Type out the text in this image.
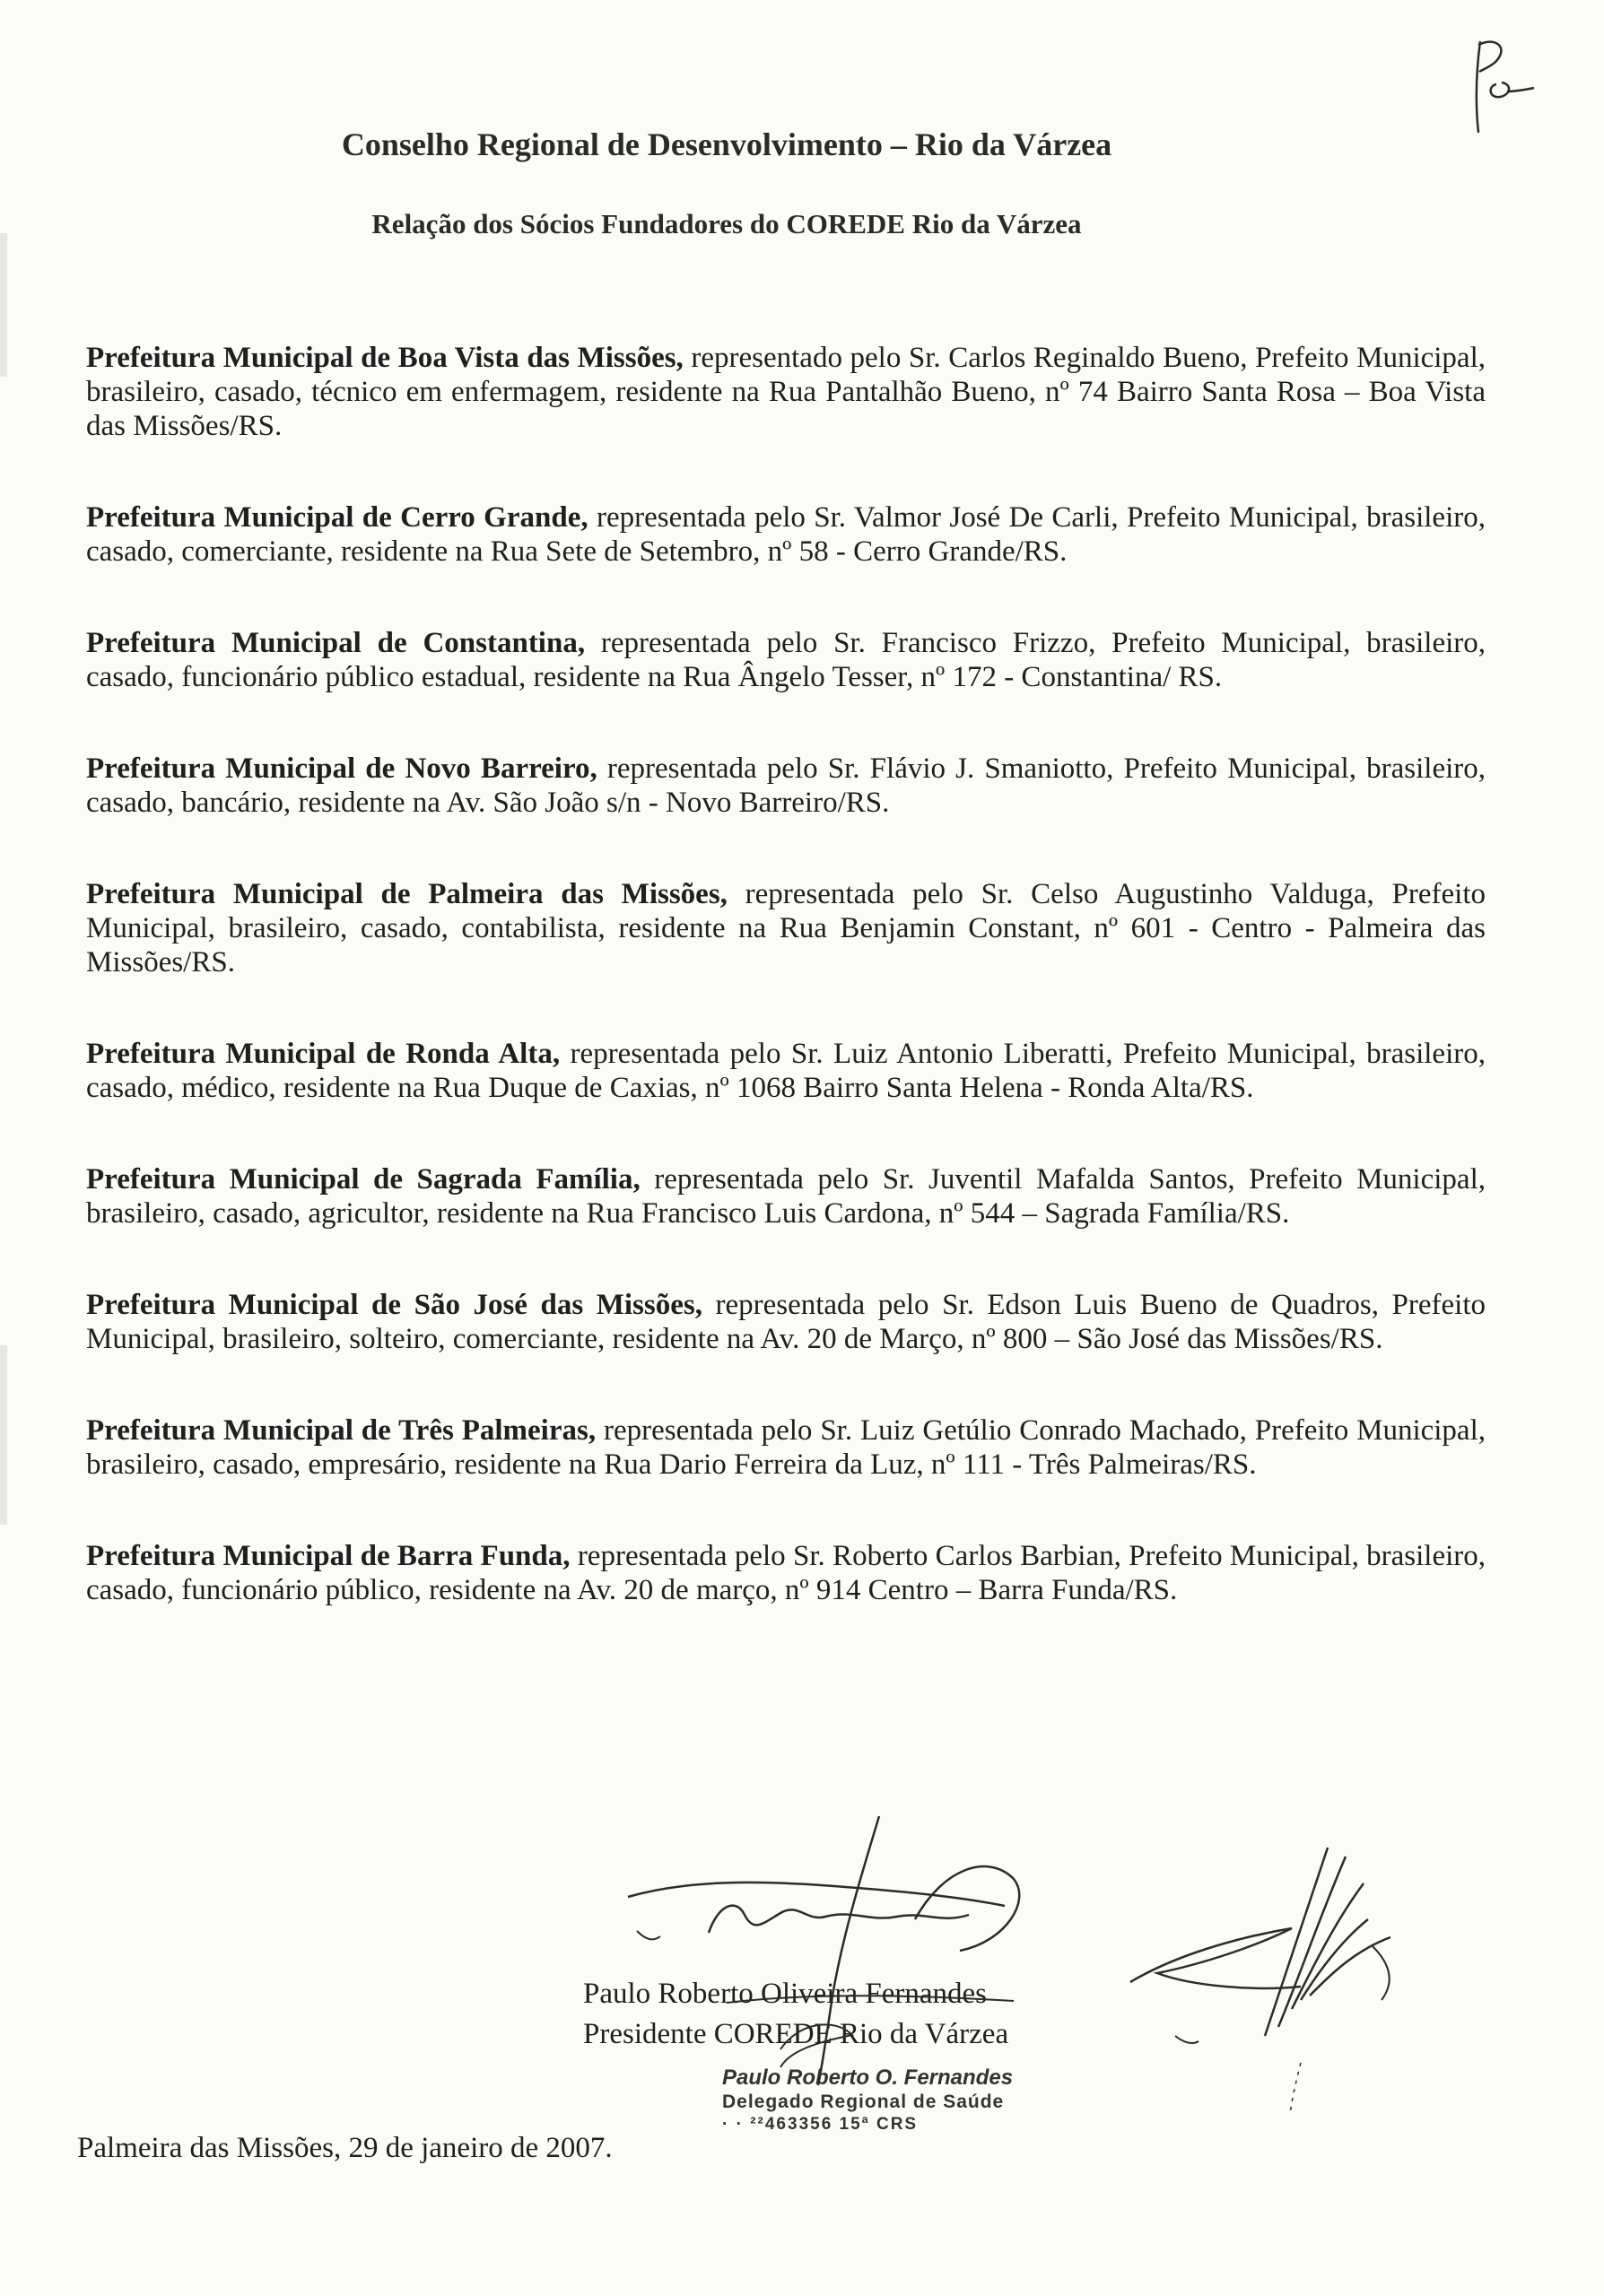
Conselho Regional de Desenvolvimento – Rio da Várzea
Relação dos Sócios Fundadores do COREDE Rio da Várzea

Prefeitura Municipal de Boa Vista das Missões, representado pelo Sr. Carlos Reginaldo Bueno, Prefeito Municipal, brasileiro, casado, técnico em enfermagem, residente na Rua Pantalhão Bueno, nº 74 Bairro Santa Rosa – Boa Vista das Missões/RS.

Prefeitura Municipal de Cerro Grande, representada pelo Sr. Valmor José De Carli, Prefeito Municipal, brasileiro, casado, comerciante, residente na Rua Sete de Setembro, nº 58 - Cerro Grande/RS.

Prefeitura Municipal de Constantina, representada pelo Sr. Francisco Frizzo, Prefeito Municipal, brasileiro, casado, funcionário público estadual, residente na Rua Ângelo Tesser, nº 172 - Constantina/ RS.

Prefeitura Municipal de Novo Barreiro, representada pelo Sr. Flávio J. Smaniotto, Prefeito Municipal, brasileiro, casado, bancário, residente na Av. São João s/n - Novo Barreiro/RS.

Prefeitura Municipal de Palmeira das Missões, representada pelo Sr. Celso Augustinho Valduga, Prefeito Municipal, brasileiro, casado, contabilista, residente na Rua Benjamin Constant, nº 601 - Centro - Palmeira das Missões/RS.

Prefeitura Municipal de Ronda Alta, representada pelo Sr. Luiz Antonio Liberatti, Prefeito Municipal, brasileiro, casado, médico, residente na Rua Duque de Caxias, nº 1068 Bairro Santa Helena - Ronda Alta/RS.

Prefeitura Municipal de Sagrada Família, representada pelo Sr. Juventil Mafalda Santos, Prefeito Municipal, brasileiro, casado, agricultor, residente na Rua Francisco Luis Cardona, nº 544 – Sagrada Família/RS.

Prefeitura Municipal de São José das Missões, representada pelo Sr. Edson Luis Bueno de Quadros, Prefeito Municipal, brasileiro, solteiro, comerciante, residente na Av. 20 de Março, nº 800 – São José das Missões/RS.

Prefeitura Municipal de Três Palmeiras, representada pelo Sr. Luiz Getúlio Conrado Machado, Prefeito Municipal, brasileiro, casado, empresário, residente na Rua Dario Ferreira da Luz, nº 111 - Três Palmeiras/RS.

Prefeitura Municipal de Barra Funda, representada pelo Sr. Roberto Carlos Barbian, Prefeito Municipal, brasileiro, casado, funcionário público, residente na Av. 20 de março, nº 914 Centro – Barra Funda/RS.

Paulo Roberto Oliveira Fernandes
Presidente COREDE Rio da Várzea
Paulo Roberto O. Fernandes
Delegado Regional de Saúde
· · ²²463356 15ª CRS
Palmeira das Missões, 29 de janeiro de 2007.
